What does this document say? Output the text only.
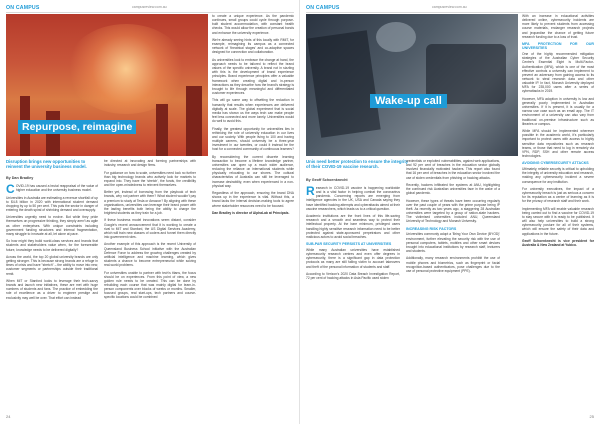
ON CAMPUS	campusreview.com.au
Repurpose, reimagine
Disruption brings new opportunities to reinvent the university business model.
By Dan Bradley

COVID-19 has caused a brutal reappraisal of the value of higher education and the university business model.

Universities in Australia are estimating a revenue shortfall of up to $4.8 billion in 2020 with international student demand dropping by up to 50 per cent. This puts the sector in danger of entering the death spiral of shrinking demand and oversupply.

Universities urgently need to evolve. But while they pride themselves on progressive thinking, they simply aren't as agile as other enterprises. With unique constraints including government funding structures and internal fragmentation, many struggle to innovate at all, let alone at pace.

So how might they build world-class services and brands that students and stakeholders value when, for the foreseeable future, knowledge needs to be delivered digitally?

Across the world, the top 20 global university brands are only getting stronger. This is because strong brands are a refuge in times of crisis and have "stretch" – the ability to move into new, customer segments or partnerships outside their traditional remit.

When MIT or Stanford looks to leverage their tech-savvy brands and launch new initiatives, these are met with huge numbers of students and fans. The practice of embedding the role of excellence as a driver to engineer prestige and exclusivity may well be over. That effort can instead

be directed at innovating and forming partnerships with industry, research and design firms.

For guidance on how to scale, universities need look no further than big technology brands who actively look for markets to expand into. They have the 'stretch', the funds, the credibility and the open-mindedness to reinvent themselves.

Better yet, instead of borrowing from the playbook of tech brands, why not partner with them? What student wouldn't pay a premium to study at Tesla or Amazon? By aligning with these organisations, universities can leverage their brand power with the lasting benefits both being the ability to charge the brightest students as they train for a job.

If these business model innovations seem distant, consider Google's recent announcement that it is working to create a rival to MIT and Stanford, the US Digital Services Academy, which will train new classes of coders and funnel them directly into government roles.

Another example of this approach is the recent University of Queensland Business School initiative with the Australian Defence Force to address the growing challenges created by artificial intelligence and machine learning, which gives students a chance to become entrepreneurial while solving real-world problems.

For universities unable to partner with tech's titans, the focus should be on experiences. From this point of view, a new golden rule needs to be created. This can be done by rebuilding each course that was mainly digital for learn-in-person components over blocks of weeks or months. Smaller, focused groups, real start-ups, tech partners and course-specific locations could be combined

to create a unique experience. As the pandemic continues, small groups could cycle through purpose-built student accommodation, with constant health checks. This would allow the creation of personal bonds and enhance the university experience.

We're already seeing hints of this locally with RMIT, for example, reimagining its campus as a connected network of 'theatrical stages' and co-adaptive spaces designed for connection and collaboration.

As universities look to embrace the change at hand, the approach needs to be tailored to reflect the brand values of the specific university. A brand not in sizzling with this is the development of brand experience principles. Brand experience principles offer a valuable framework when creating digital and in-person interactions as they describe how the brand's strategy is brought to life through meaningful and differentiated customer experiences.

This will go some way to offsetting the reduction in humanity that results when experiences are delivered digitally at scale. The global experiment that is social media has shown us the ways tech can make people feel less connected and more lonely. Universities would do well to avoid this.

Finally, the greatest opportunity for universities lies in rethinking the role of university education in our lives and our society. With people living to 100 and having multiple careers, should university be a three-year investment in our twenties, or could it instead be the host for a connected community of continuous learners?

By reconsidering the current discrete learning transaction to become a lifetime knowledge partner, universities can open up a much wider audience, reducing the reliance on international students while physically relocating to our shores. The cultural characteristics of Australia can still be leveraged to increase desirability, even when experienced in a non-physical way.

Regardless of the approach, ensuring the brand DNA shows up in the experience is vital. Without this, a brand lacks the internal decision-making tools to agree where stakeholder resources need to be focused.

Dan Bradley is director of AlphaLab at Principals.

24
ON CAMPUS	campusreview.com.au
Wake-up call
Unis need better protection to ensure the integrity of their COVID-19 vaccine research.
By Geoff Schoenknecht

Research in COVID-19 vaccine is happening worldwide and is a vital factor in helping combat the coronavirus pandemic. Concerning reports are emerging from intelligence agencies in the UK, USA and Canada saying they have identified hacking attempts and cyberattacks aimed at their vaccine researchers, which leads us to a critical question.

Academic institutions are the front lines of this life-saving research and a smooth and seamless way to protect their intellectual property. At the bare minimum, privileged users handling highly sensitive research information need to be better protected against state-sponsored perpetrators and other malicious actors to avoid social breaches.

SUB-PAR SECURITY PERSISTS AT UNIVERSITIES

While many Australian universities have established cybersecurity research centres and even offer degrees in cybersecurity, there is a significant gap in data protection protocols as many are still falling victim to account takeovers and theft of the personal information of students and staff.

According to Verizon's 2020 Data Breach Investigation Report, 72 per cent of hacking attacks in Asia Pacific used stolen

credentials or exploited vulnerabilities, against web applications, and 92 per cent of breaches in the education sector globally involved financially motivated hackers. This report also found that 16 per cent of breaches in the education sector involved the use of stolen credentials from phishing or hacking attacks.

Recently, hackers infiltrated the systems at ANU, highlighting the continued risk Australian universities face in the wake of a global pandemic.

However, these types of threats have been occurring regularly over the past couple of years with the prime purpose being IP theft. As recently as two years ago, a staggering 28 Australian universities were targeted by a group of nation-state hackers. The victimised universities included ANU, Queensland University of Technology and Monash University.

INCREASING RISK FACTORS

Universities commonly adopt a 'Bring Your Own Device (BYOD)' environment, further elevating the security risk with the use of personal computers, tablets, mobiles and other smart devices brought into educational institutions by research staff, lecturers and students.

Additionally, many research environments prohibit the use of mobile phones and biometrics, such as fingerprint or facial recognition-based authenticators, pose challenges due to the use of personal protective equipment (PPE).

With an increase in educational activities delivered online, cybersecurity incidents are more likely to prevent students from accessing course materials, endanger research projects and jeopardise the chance of getting future research funding due to a loss of trust.

MFA PROTECTION FOR OUR UNIVERSITIES

One of the highly recommended mitigation strategies of the Australian Cyber Security Centre's Essential Eight is Multi-Factor-Authentication (MFA), which is one of the most effective controls a university can implement to prevent an adversary from gaining access to its network to steal research data and other valuable IP. In fact, Monash University deployed MFA for 235,000 users after a series of cyberattacks in 2019.

However, MFA adoption in university is low and generally poorly implemented in Australian universities. If it is present, it is usually for a narrow use case such as an email app. The IT environment of a university can also vary from traditional on-premise infrastructure such as libraries or campus.

While MFA should be implemented wherever possible in the academic world, it's particularly important to protect users with access to highly sensitive data repositories such as research teams, or those that need to log in remotely via VPN, RDP, SSH and other remote access technologies.

AVOIDING CYBERSECURITY ATTACKS

Ultimately, reliable security is critical to upholding the integrity of university education and research, making any cybersecurity incident a severe consequence for any institution.

For university executives, the impact of a cybersecurity breach is just as serious a concern for its reputation as a centre of learning as it is for the privacy of research staff and their work.

Implementing MFA will enable valuable research being carried out to find a vaccine for COVID-19 to stay secure with it is ready to be published. It will also help universities to build a strong cybersecurity posture for all of their systems, which will ensure the safety of their data and applications in the future.

Geoff Schoenknecht is vice president for Australia & New Zealand at Yubico.

25
